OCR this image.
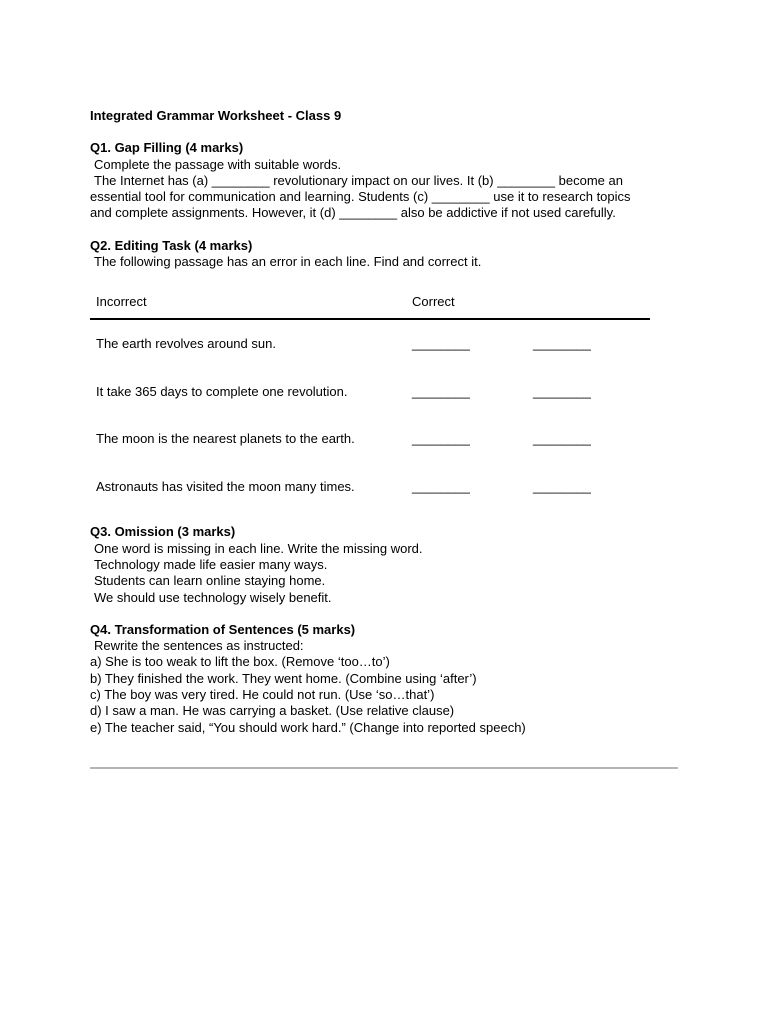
Integrated Grammar Worksheet - Class 9

Q1. Gap Filling (4 marks)

Complete the passage with suitable words.

The Internet has (a) ________ revolutionary impact on our lives. It (b) ________ become an

essential tool for communication and learning. Students (c) ________ use it to research topics

and complete assignments. However, it (d) ________ also be addictive if not used carefully.

Q2. Editing Task (4 marks)

The following passage has an error in each line. Find and correct it.

Incorrect	Correct
The earth revolves around sun.	________	________
It take 365 days to complete one revolution.	________	________
The moon is the nearest planets to the earth.	________	________
Astronauts has visited the moon many times.	________	________

Q3. Omission (3 marks)

One word is missing in each line. Write the missing word.

Technology made life easier many ways.

Students can learn online staying home.

We should use technology wisely benefit.

Q4. Transformation of Sentences (5 marks)

Rewrite the sentences as instructed:

a) She is too weak to lift the box. (Remove ‘too…to’)

b) They finished the work. They went home. (Combine using ‘after’)

c) The boy was very tired. He could not run. (Use ‘so…that’)

d) I saw a man. He was carrying a basket. (Use relative clause)

e) The teacher said, “You should work hard.” (Change into reported speech)
